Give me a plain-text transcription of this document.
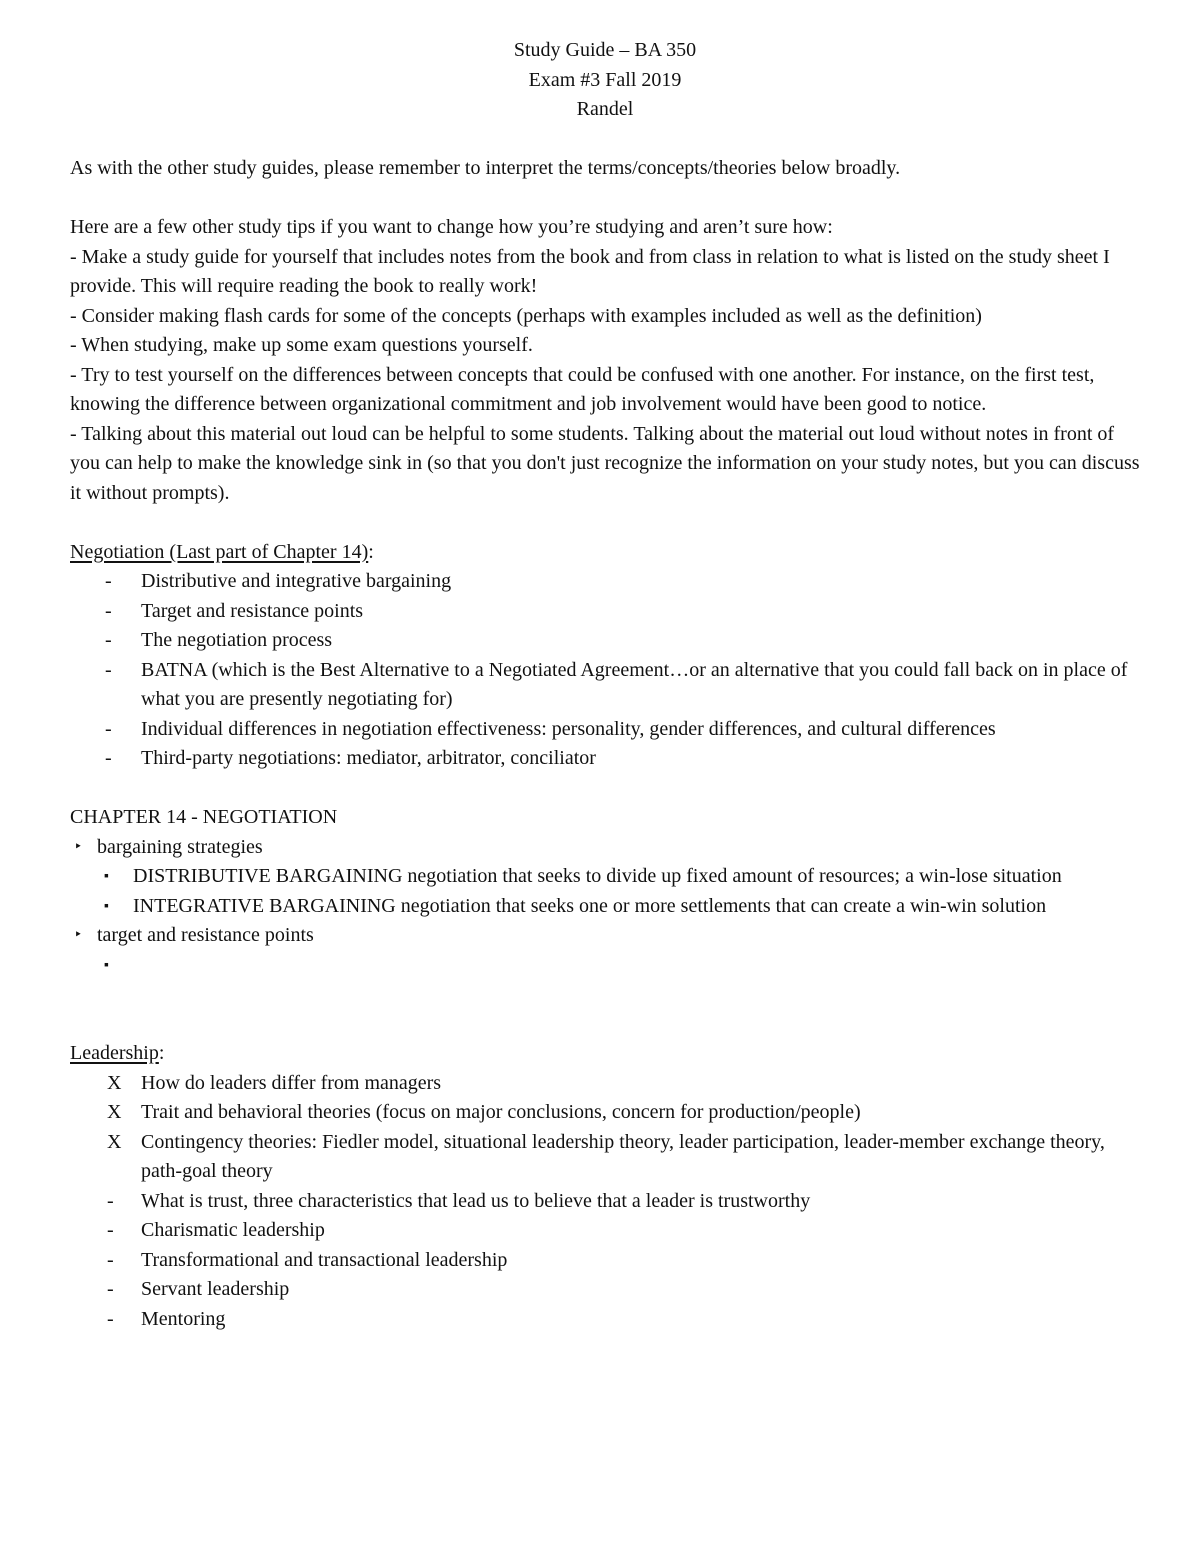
Study Guide – BA 350
Exam #3 Fall 2019
Randel

As with the other study guides, please remember to interpret the terms/concepts/theories below broadly.

Here are a few other study tips if you want to change how you’re studying and aren’t sure how:

- Make a study guide for yourself that includes notes from the book and from class in relation to what is listed on the study sheet I provide. This will require reading the book to really work!

- Consider making flash cards for some of the concepts (perhaps with examples included as well as the definition)

- When studying, make up some exam questions yourself.

- Try to test yourself on the differences between concepts that could be confused with one another. For instance, on the first test, knowing the difference between organizational commitment and job involvement would have been good to notice.

- Talking about this material out loud can be helpful to some students. Talking about the material out loud without notes in front of you can help to make the knowledge sink in (so that you don't just recognize the information on your study notes, but you can discuss it without prompts).

Negotiation (Last part of Chapter 14):

- Distributive and integrative bargaining
- Target and resistance points
- The negotiation process
- BATNA (which is the Best Alternative to a Negotiated Agreement…or an alternative that you could fall back on in place of what you are presently negotiating for)
- Individual differences in negotiation effectiveness: personality, gender differences, and cultural differences
- Third-party negotiations: mediator, arbitrator, conciliator

CHAPTER 14 - NEGOTIATION

‣ bargaining strategies
▪ DISTRIBUTIVE BARGAINING negotiation that seeks to divide up fixed amount of resources; a win-lose situation
▪ INTEGRATIVE BARGAINING negotiation that seeks one or more settlements that can create a win-win solution
‣ target and resistance points
▪

Leadership:

X How do leaders differ from managers
X Trait and behavioral theories (focus on major conclusions, concern for production/people)
X Contingency theories: Fiedler model, situational leadership theory, leader participation, leader-member exchange theory, path-goal theory
- What is trust, three characteristics that lead us to believe that a leader is trustworthy
- Charismatic leadership
- Transformational and transactional leadership
- Servant leadership
- Mentoring
